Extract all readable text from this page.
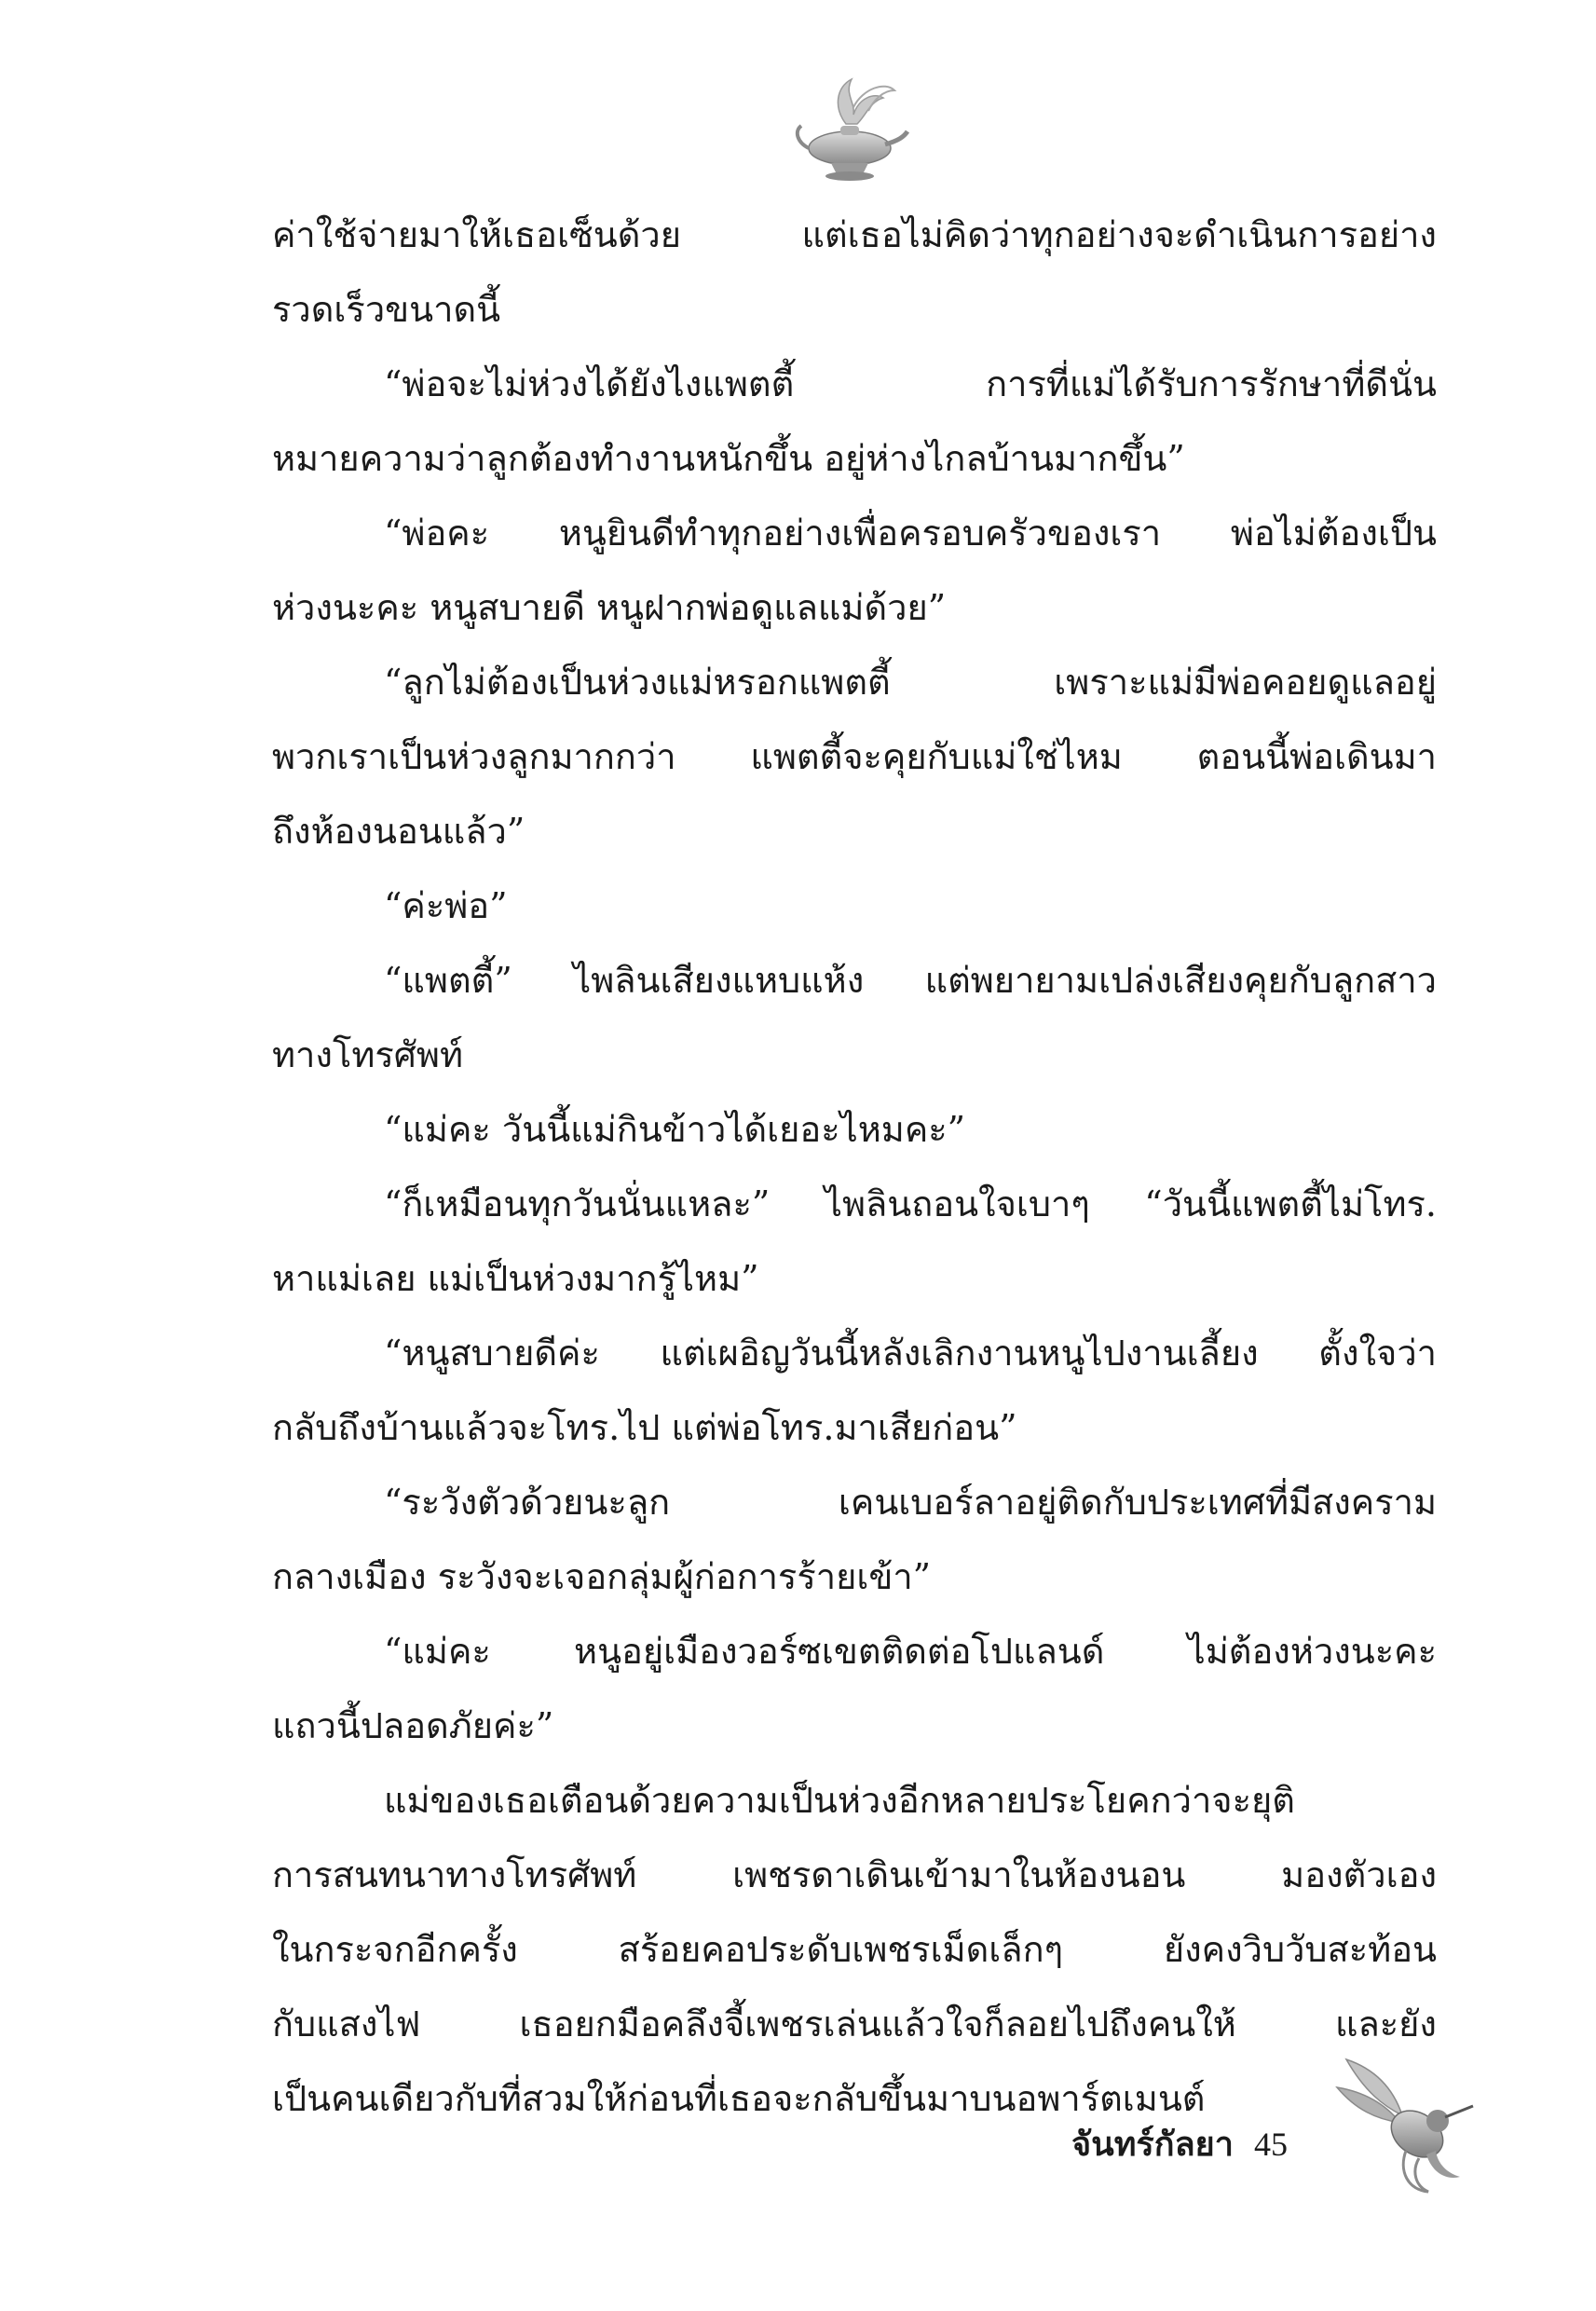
ค่าใช้จ่ายมาให้เธอเซ็นด้วย แต่เธอไม่คิดว่าทุกอย่างจะดำเนินการอย่าง
รวดเร็วขนาดนี้
“พ่อจะไม่ห่วงได้ยังไงแพตตี้ การที่แม่ได้รับการรักษาที่ดีนั่น
หมายความว่าลูกต้องทำงานหนักขึ้น อยู่ห่างไกลบ้านมากขึ้น”
“พ่อคะ หนูยินดีทำทุกอย่างเพื่อครอบครัวของเรา พ่อไม่ต้องเป็น
ห่วงนะคะ หนูสบายดี หนูฝากพ่อดูแลแม่ด้วย”
“ลูกไม่ต้องเป็นห่วงแม่หรอกแพตตี้ เพราะแม่มีพ่อคอยดูแลอยู่
พวกเราเป็นห่วงลูกมากกว่า แพตตี้จะคุยกับแม่ใช่ไหม ตอนนี้พ่อเดินมา
ถึงห้องนอนแล้ว”
“ค่ะพ่อ”
“แพตตี้” ไพลินเสียงแหบแห้ง แต่พยายามเปล่งเสียงคุยกับลูกสาว
ทางโทรศัพท์
“แม่คะ วันนี้แม่กินข้าวได้เยอะไหมคะ”
“ก็เหมือนทุกวันนั่นแหละ” ไพลินถอนใจเบาๆ “วันนี้แพตตี้ไม่โทร.
หาแม่เลย แม่เป็นห่วงมากรู้ไหม”
“หนูสบายดีค่ะ แต่เผอิญวันนี้หลังเลิกงานหนูไปงานเลี้ยง ตั้งใจว่า
กลับถึงบ้านแล้วจะโทร.ไป แต่พ่อโทร.มาเสียก่อน”
“ระวังตัวด้วยนะลูก เคนเบอร์ลาอยู่ติดกับประเทศที่มีสงคราม
กลางเมือง ระวังจะเจอกลุ่มผู้ก่อการร้ายเข้า”
“แม่คะ หนูอยู่เมืองวอร์ซเขตติดต่อโปแลนด์ ไม่ต้องห่วงนะคะ
แถวนี้ปลอดภัยค่ะ”
แม่ของเธอเตือนด้วยความเป็นห่วงอีกหลายประโยคกว่าจะยุติ
การสนทนาทางโทรศัพท์ เพชรดาเดินเข้ามาในห้องนอน มองตัวเอง
ในกระจกอีกครั้ง สร้อยคอประดับเพชรเม็ดเล็กๆ ยังคงวิบวับสะท้อน
กับแสงไฟ เธอยกมือคลึงจี้เพชรเล่นแล้วใจก็ลอยไปถึงคนให้ และยัง
เป็นคนเดียวกับที่สวมให้ก่อนที่เธอจะกลับขึ้นมาบนอพาร์ตเมนต์
จันทร์กัลยา 45
